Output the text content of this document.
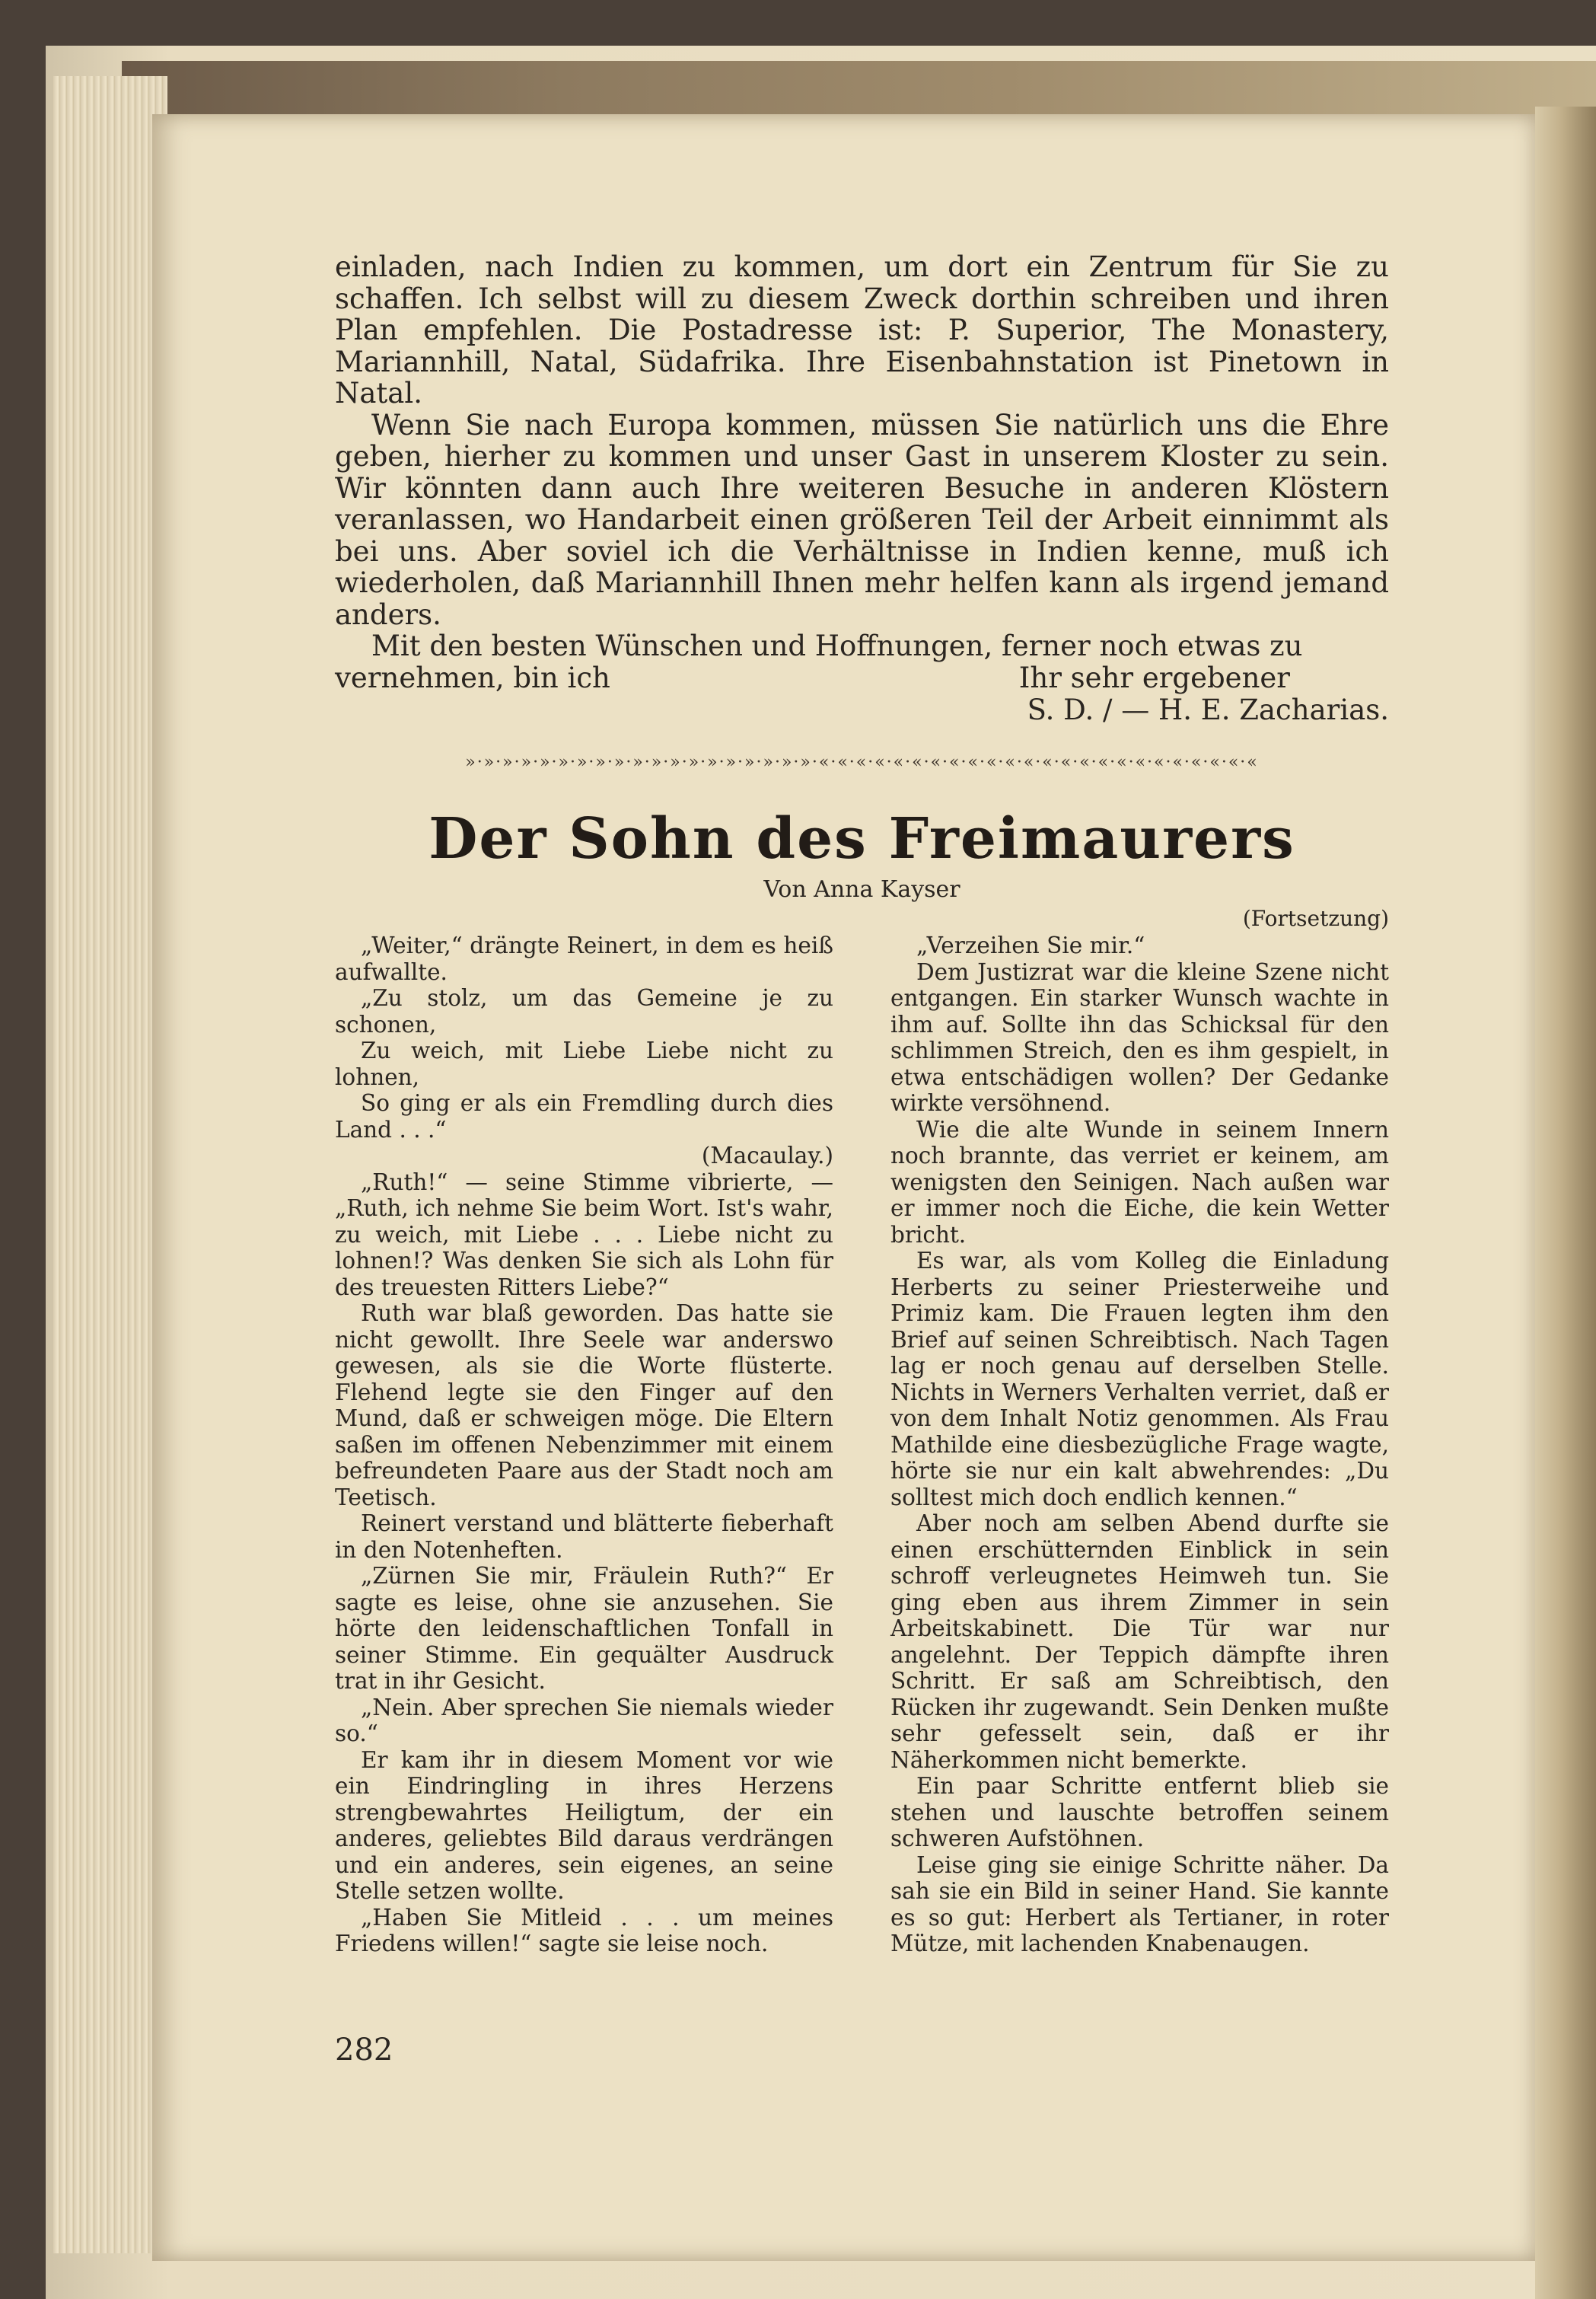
einladen, nach Indien zu kommen, um dort ein Zentrum für Sie zu schaffen. Ich selbst will zu diesem Zweck dorthin schreiben und ihren Plan empfehlen. Die Postadresse ist: P. Superior, The Monastery, Mariannhill, Natal, Südafrika. Ihre Eisenbahnstation ist Pinetown in Natal.

Wenn Sie nach Europa kommen, müssen Sie natürlich uns die Ehre geben, hierher zu kommen und unser Gast in unserem Kloster zu sein. Wir könnten dann auch Ihre weiteren Besuche in anderen Klöstern veranlassen, wo Handarbeit einen größeren Teil der Arbeit einnimmt als bei uns. Aber soviel ich die Verhältnisse in Indien kenne, muß ich wiederholen, daß Mariannhill Ihnen mehr helfen kann als irgend jemand anders.

Mit den besten Wünschen und Hoffnungen, ferner noch etwas zu

vernehmen, bin ich	Ihr sehr ergebener
S. D. / — H. E. Zacharias.
»·»·»·»·»·»·»·»·»·»·»·»·»·»·»·»·»·»·»·«·«·«·«·«·«·«·«·«·«·«·«·«·«·«·«·«·«·«·«·«·«·«·«
Der Sohn des Freimaurers
Von Anna Kayser
(Fortsetzung)

„Weiter,“ drängte Reinert, in dem es heiß aufwallte.

„Zu stolz, um das Gemeine je zu schonen,

Zu weich, mit Liebe Liebe nicht zu lohnen,

So ging er als ein Fremdling durch dies Land . . .“

(Macaulay.)

„Ruth!“ — seine Stimme vibrierte, — „Ruth, ich nehme Sie beim Wort. Ist's wahr, zu weich, mit Liebe . . . Liebe nicht zu lohnen!? Was denken Sie sich als Lohn für des treuesten Ritters Liebe?“

Ruth war blaß geworden. Das hatte sie nicht gewollt. Ihre Seele war anderswo gewesen, als sie die Worte flüsterte. Flehend legte sie den Finger auf den Mund, daß er schweigen möge. Die Eltern saßen im offenen Nebenzimmer mit einem befreundeten Paare aus der Stadt noch am Teetisch.

Reinert verstand und blätterte fieberhaft in den Notenheften.

„Zürnen Sie mir, Fräulein Ruth?“ Er sagte es leise, ohne sie anzusehen. Sie hörte den leidenschaftlichen Tonfall in seiner Stimme. Ein gequälter Ausdruck trat in ihr Gesicht.

„Nein. Aber sprechen Sie niemals wieder so.“

Er kam ihr in diesem Moment vor wie ein Eindringling in ihres Herzens strengbewahrtes Heiligtum, der ein anderes, geliebtes Bild daraus verdrängen und ein anderes, sein eigenes, an seine Stelle setzen wollte.

„Haben Sie Mitleid . . . um meines Friedens willen!“ sagte sie leise noch.

„Verzeihen Sie mir.“

Dem Justizrat war die kleine Szene nicht entgangen. Ein starker Wunsch wachte in ihm auf. Sollte ihn das Schicksal für den schlimmen Streich, den es ihm gespielt, in etwa entschädigen wollen? Der Gedanke wirkte versöhnend.

Wie die alte Wunde in seinem Innern noch brannte, das verriet er keinem, am wenigsten den Seinigen. Nach außen war er immer noch die Eiche, die kein Wetter bricht.

Es war, als vom Kolleg die Einladung Herberts zu seiner Priesterweihe und Primiz kam. Die Frauen legten ihm den Brief auf seinen Schreibtisch. Nach Tagen lag er noch genau auf derselben Stelle. Nichts in Werners Verhalten verriet, daß er von dem Inhalt Notiz genommen. Als Frau Mathilde eine diesbezügliche Frage wagte, hörte sie nur ein kalt abwehrendes: „Du solltest mich doch endlich kennen.“

Aber noch am selben Abend durfte sie einen erschütternden Einblick in sein schroff verleugnetes Heimweh tun. Sie ging eben aus ihrem Zimmer in sein Arbeitskabinett. Die Tür war nur angelehnt. Der Teppich dämpfte ihren Schritt. Er saß am Schreibtisch, den Rücken ihr zugewandt. Sein Denken mußte sehr gefesselt sein, daß er ihr Näherkommen nicht bemerkte.

Ein paar Schritte entfernt blieb sie stehen und lauschte betroffen seinem schweren Aufstöhnen.

Leise ging sie einige Schritte näher. Da sah sie ein Bild in seiner Hand. Sie kannte es so gut: Herbert als Tertianer, in roter Mütze, mit lachenden Knabenaugen.

282
